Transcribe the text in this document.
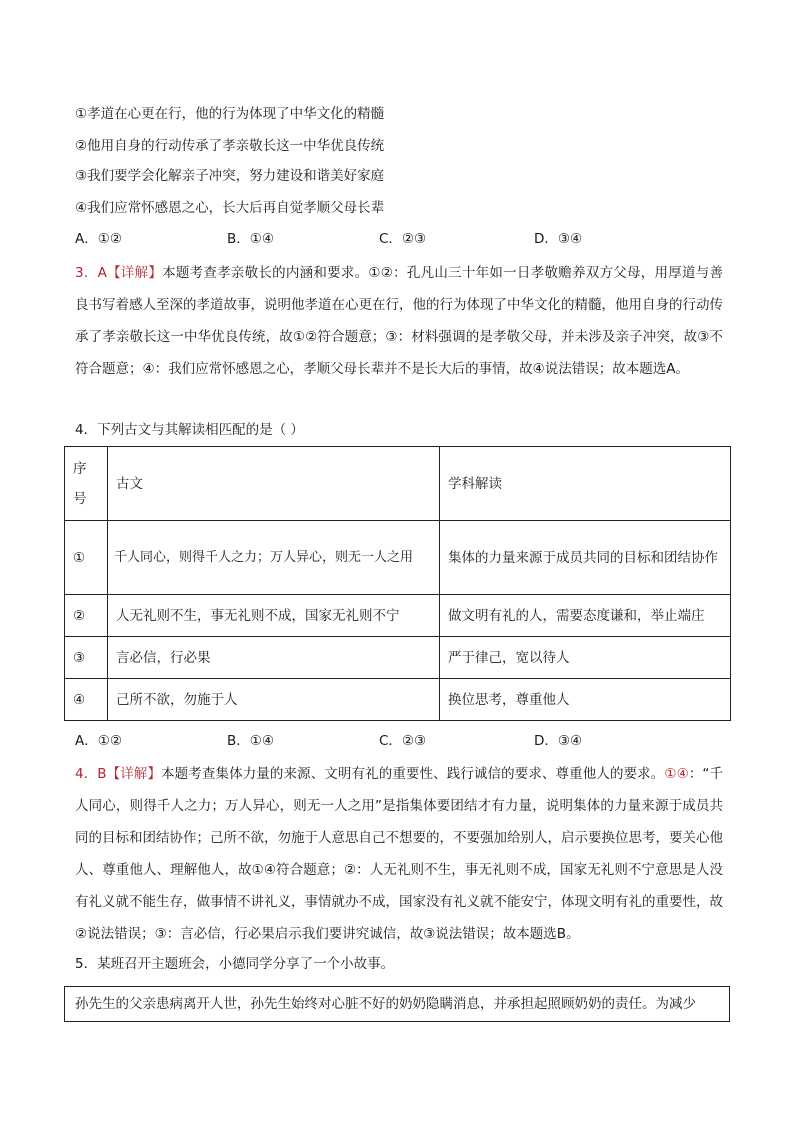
①孝道在心更在行，他的行为体现了中华文化的精髓
②他用自身的行动传承了孝亲敬长这一中华优良传统
③我们要学会化解亲子冲突，努力建设和谐美好家庭
④我们应常怀感恩之心，长大后再自觉孝顺父母长辈
A．①②	B．①④	C．②③	D．③④
3．A【详解】本题考查孝亲敬长的内涵和要求。①②：孔凡山三十年如一日孝敬赡养双方父母，用厚道与善良书写着感人至深的孝道故事，说明他孝道在心更在行，他的行为体现了中华文化的精髓，他用自身的行动传承了孝亲敬长这一中华优良传统，故①②符合题意；③：材料强调的是孝敬父母，并未涉及亲子冲突，故③不符合题意；④：我们应常怀感恩之心，孝顺父母长辈并不是长大后的事情，故④说法错误；故本题选A。
4．下列古文与其解读相匹配的是（ ）
序号	古文	学科解读
①	千人同心，则得千人之力；万人异心，则无一人之用	集体的力量来源于成员共同的目标和团结协作
②	人无礼则不生，事无礼则不成，国家无礼则不宁	做文明有礼的人，需要态度谦和，举止端庄
③	言必信，行必果	严于律己，宽以待人
④	己所不欲，勿施于人	换位思考，尊重他人
A．①②	B．①④	C．②③	D．③④
4．B【详解】本题考查集体力量的来源、文明有礼的重要性、践行诚信的要求、尊重他人的要求。①④：“千人同心，则得千人之力；万人异心，则无一人之用”是指集体要团结才有力量，说明集体的力量来源于成员共同的目标和团结协作；己所不欲，勿施于人意思自己不想要的，不要强加给别人，启示要换位思考，要关心他人、尊重他人、理解他人，故①④符合题意；②：人无礼则不生，事无礼则不成，国家无礼则不宁意思是人没有礼义就不能生存，做事情不讲礼义，事情就办不成，国家没有礼义就不能安宁，体现文明有礼的重要性，故②说法错误；③：言必信，行必果启示我们要讲究诚信，故③说法错误；故本题选B。
5．某班召开主题班会，小德同学分享了一个小故事。
孙先生的父亲患病离开人世，孙先生始终对心脏不好的奶奶隐瞒消息，并承担起照顾奶奶的责任。为减少
